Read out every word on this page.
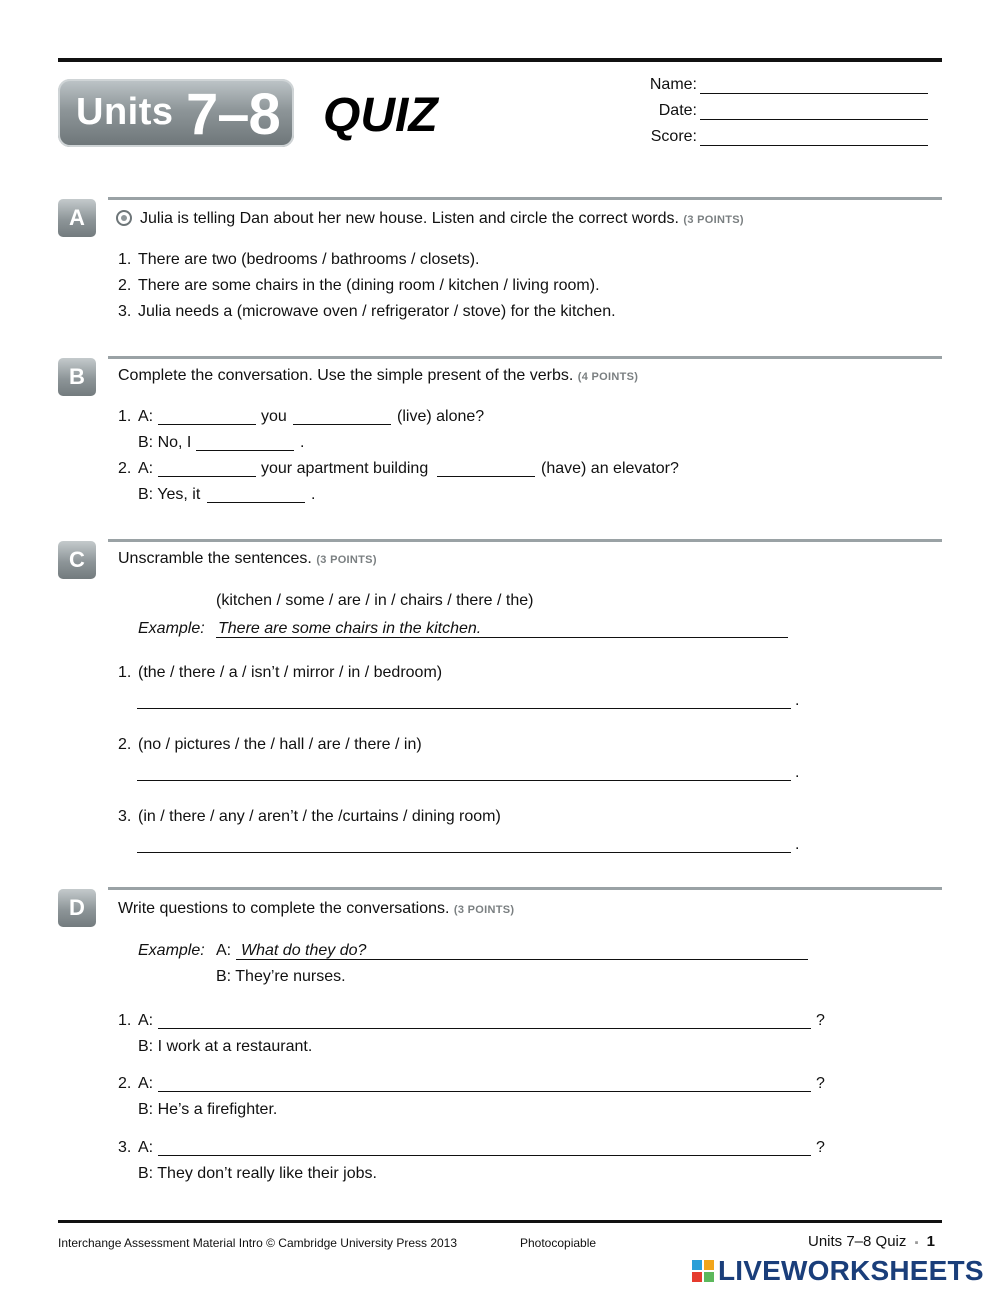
Units 7–8 QUIZ
Name:
Date:
Score:
A	Julia is telling Dan about her new house. Listen and circle the correct words. (3 POINTS)
1. There are two (bedrooms / bathrooms / closets).
2. There are some chairs in the (dining room / kitchen / living room).
3. Julia needs a (microwave oven / refrigerator / stove) for the kitchen.
B	Complete the conversation. Use the simple present of the verbs. (4 POINTS)
1. A:	you	(live) alone?
B: No, I	.
2. A:	your apartment building	(have) an elevator?
B: Yes, it	.
C	Unscramble the sentences. (3 POINTS)
(kitchen / some / are / in / chairs / there / the)
Example: There are some chairs in the kitchen.
1. (the / there / a / isn’t / mirror / in / bedroom)
.
2. (no / pictures / the / hall / are / there / in)
.
3. (in / there / any / aren’t / the /curtains / dining room)
.
D	Write questions to complete the conversations. (3 POINTS)
Example: A: What do they do?
B: They’re nurses.
1. A:	?
B: I work at a restaurant.
2. A:	?
B: He’s a firefighter.
3. A:	?
B: They don’t really like their jobs.
Interchange Assessment Material Intro © Cambridge University Press 2013	Photocopiable	Units 7–8 Quiz ▪ 1
LIVEWORKSHEETS
